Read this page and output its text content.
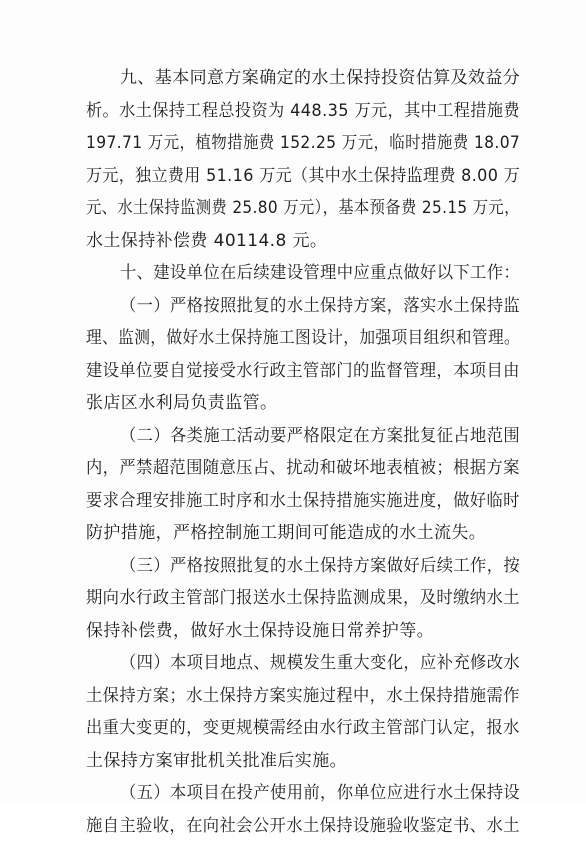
九、基本同意方案确定的水土保持投资估算及效益分
析。水土保持工程总投资为 448.35 万元，其中工程措施费
197.71 万元，植物措施费 152.25 万元，临时措施费 18.07
万元，独立费用 51.16 万元（其中水土保持监理费 8.00 万
元、水土保持监测费 25.80 万元），基本预备费 25.15 万元，
水土保持补偿费 40114.8 元。
十、建设单位在后续建设管理中应重点做好以下工作：
（一）严格按照批复的水土保持方案，落实水土保持监
理、监测，做好水土保持施工图设计，加强项目组织和管理。
建设单位要自觉接受水行政主管部门的监督管理，本项目由
张店区水利局负责监管。
（二）各类施工活动要严格限定在方案批复征占地范围
内，严禁超范围随意压占、扰动和破坏地表植被；根据方案
要求合理安排施工时序和水土保持措施实施进度，做好临时
防护措施，严格控制施工期间可能造成的水土流失。
（三）严格按照批复的水土保持方案做好后续工作，按
期向水行政主管部门报送水土保持监测成果，及时缴纳水土
保持补偿费，做好水土保持设施日常养护等。
（四）本项目地点、规模发生重大变化，应补充修改水
土保持方案；水土保持方案实施过程中，水土保持措施需作
出重大变更的，变更规模需经由水行政主管部门认定，报水
土保持方案审批机关批准后实施。
（五）本项目在投产使用前，你单位应进行水土保持设
施自主验收，在向社会公开水土保持设施验收鉴定书、水土
